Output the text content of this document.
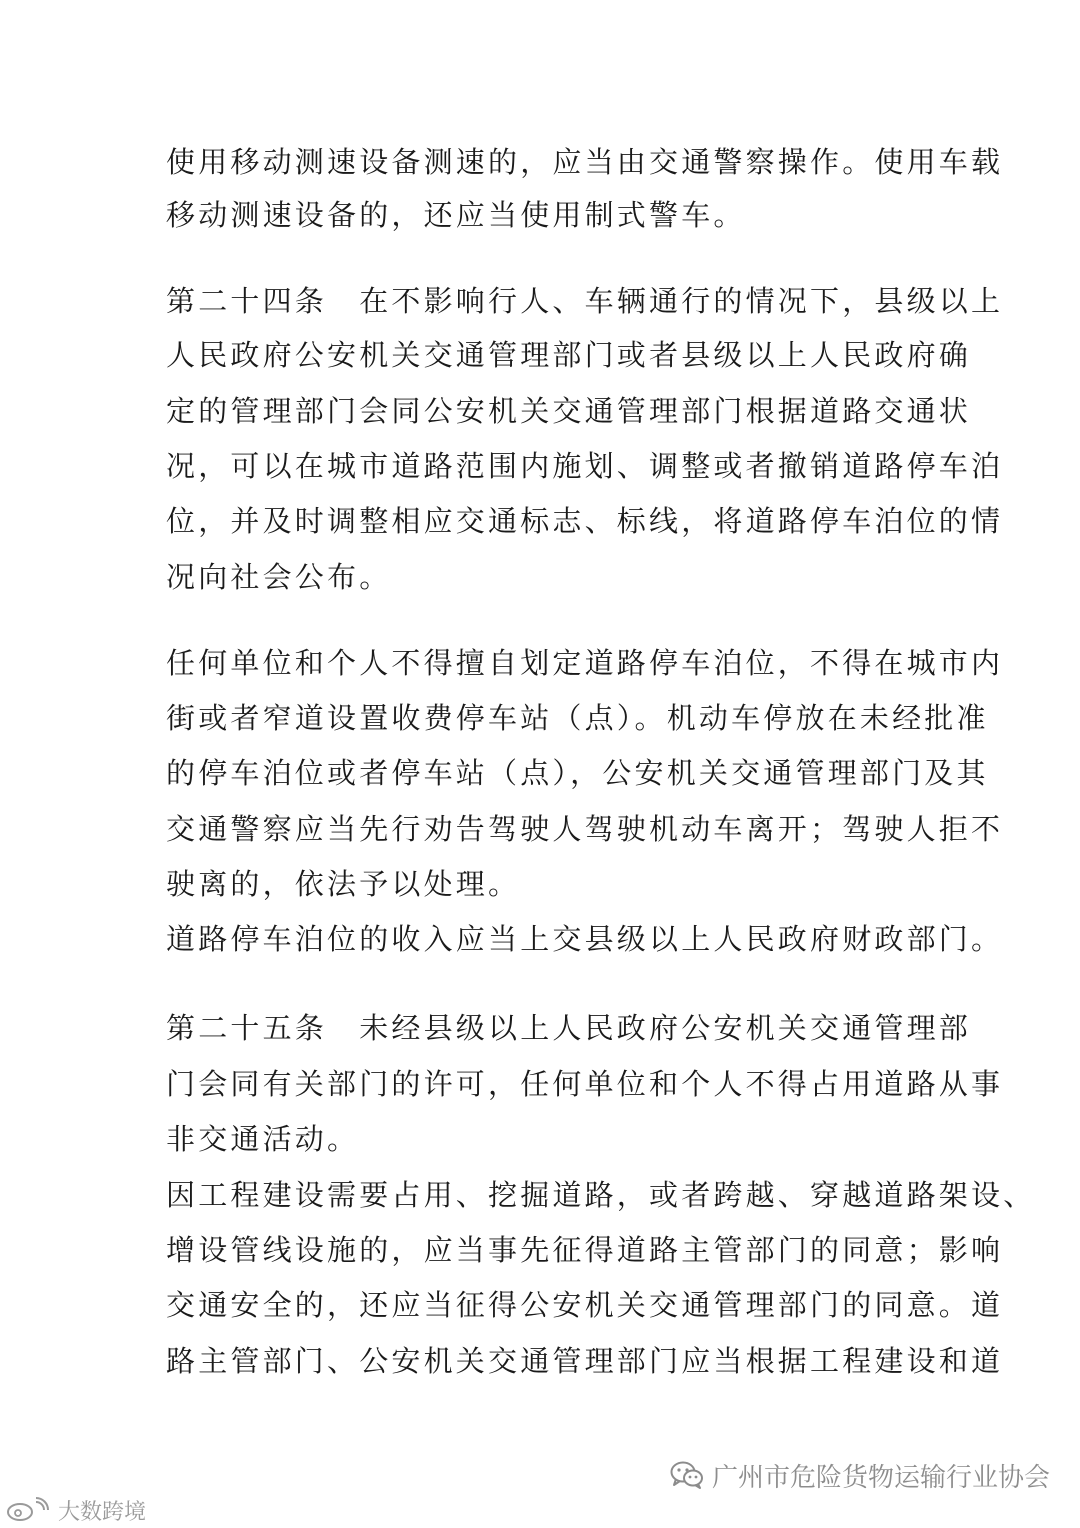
使用移动测速设备测速的，应当由交通警察操作。使用车载
移动测速设备的，还应当使用制式警车。
第二十四条　在不影响行人、车辆通行的情况下，县级以上
人民政府公安机关交通管理部门或者县级以上人民政府确
定的管理部门会同公安机关交通管理部门根据道路交通状
况，可以在城市道路范围内施划、调整或者撤销道路停车泊
位，并及时调整相应交通标志、标线，将道路停车泊位的情
况向社会公布。
任何单位和个人不得擅自划定道路停车泊位，不得在城市内
街或者窄道设置收费停车站（点）。机动车停放在未经批准
的停车泊位或者停车站（点），公安机关交通管理部门及其
交通警察应当先行劝告驾驶人驾驶机动车离开；驾驶人拒不
驶离的，依法予以处理。
道路停车泊位的收入应当上交县级以上人民政府财政部门。
第二十五条　未经县级以上人民政府公安机关交通管理部
门会同有关部门的许可，任何单位和个人不得占用道路从事
非交通活动。
因工程建设需要占用、挖掘道路，或者跨越、穿越道路架设、
增设管线设施的，应当事先征得道路主管部门的同意；影响
交通安全的，还应当征得公安机关交通管理部门的同意。道
路主管部门、公安机关交通管理部门应当根据工程建设和道
广州市危险货物运输行业协会
大数跨境
